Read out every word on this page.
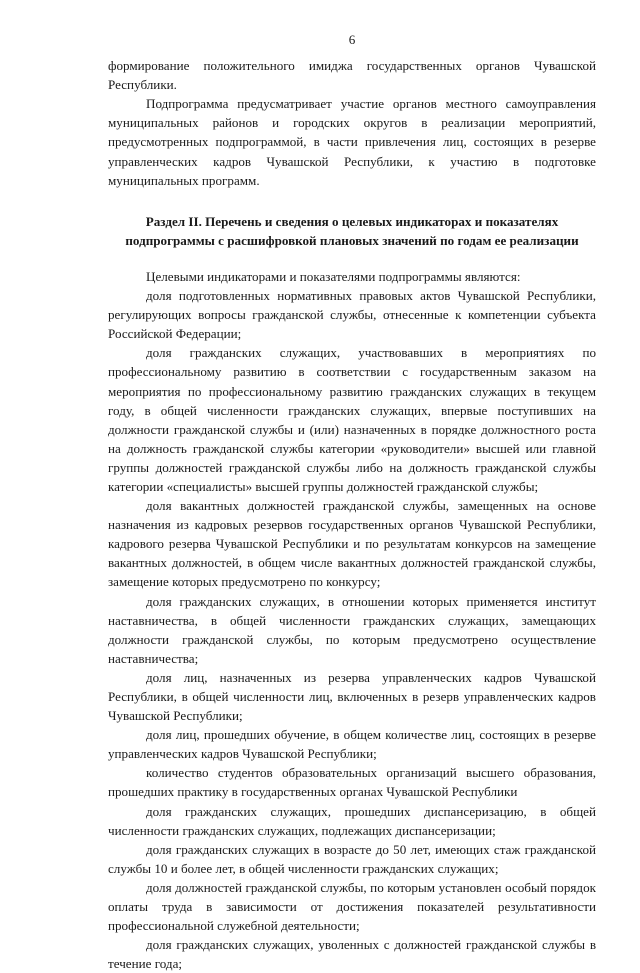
6

формирование положительного имиджа государственных органов Чувашской Республики.

Подпрограмма предусматривает участие органов местного самоуправления муниципальных районов и городских округов в реализации мероприятий, предусмотренных подпрограммой, в части привлечения лиц, состоящих в резерве управленческих кадров Чувашской Республики, к участию в подготовке муниципальных программ.

Раздел II. Перечень и сведения о целевых индикаторах и показателях
подпрограммы с расшифровкой плановых значений по годам ее реализации

Целевыми индикаторами и показателями подпрограммы являются:

доля подготовленных нормативных правовых актов Чувашской Республики, регулирующих вопросы гражданской службы, отнесенные к компетенции субъекта Российской Федерации;

доля гражданских служащих, участвовавших в мероприятиях по профессиональному развитию в соответствии с государственным заказом на мероприятия по профессиональному развитию гражданских служащих в текущем году, в общей численности гражданских служащих, впервые поступивших на должности гражданской службы и (или) назначенных в порядке должностного роста на должность гражданской службы категории «руководители» высшей или главной группы должностей гражданской службы либо на должность гражданской службы категории «специалисты» высшей группы должностей гражданской службы;

доля вакантных должностей гражданской службы, замещенных на основе назначения из кадровых резервов государственных органов Чувашской Республики, кадрового резерва Чувашской Республики и по результатам конкурсов на замещение вакантных должностей, в общем числе вакантных должностей гражданской службы, замещение которых предусмотрено по конкурсу;

доля гражданских служащих, в отношении которых применяется институт наставничества, в общей численности гражданских служащих, замещающих должности гражданской службы, по которым предусмотрено осуществление наставничества;

доля лиц, назначенных из резерва управленческих кадров Чувашской Республики, в общей численности лиц, включенных в резерв управленческих кадров Чувашской Республики;

доля лиц, прошедших обучение, в общем количестве лиц, состоящих в резерве управленческих кадров Чувашской Республики;

количество студентов образовательных организаций высшего образования, прошедших практику в государственных органах Чувашской Республики

доля гражданских служащих, прошедших диспансеризацию, в общей численности гражданских служащих, подлежащих диспансеризации;

доля гражданских служащих в возрасте до 50 лет, имеющих стаж гражданской службы 10 и более лет, в общей численности гражданских служащих;

доля должностей гражданской службы, по которым установлен особый порядок оплаты труда в зависимости от достижения показателей результативности профессиональной служебной деятельности;

доля гражданских служащих, уволенных с должностей гражданской службы в течение года;
